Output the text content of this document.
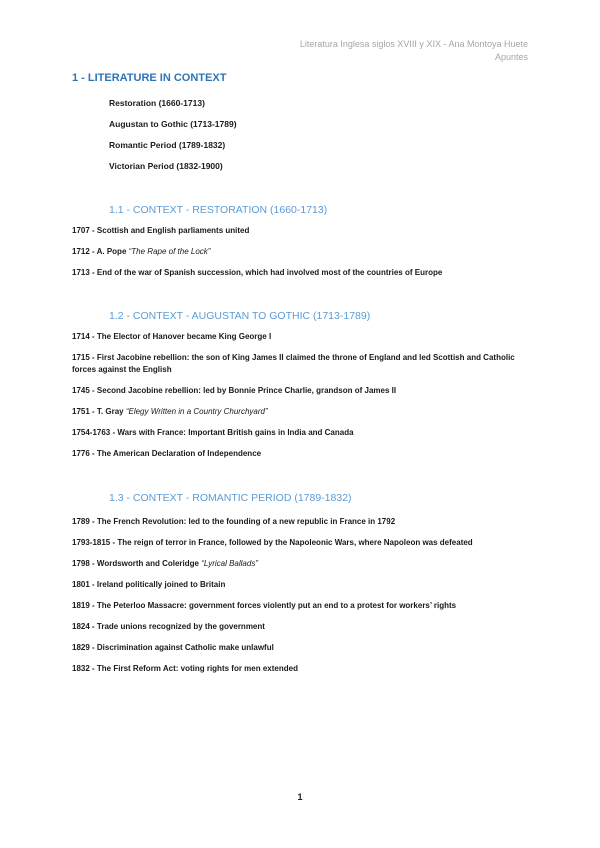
Literatura Inglesa siglos XVIII y XIX - Ana Montoya Huete
Apuntes
1 - LITERATURE IN CONTEXT
Restoration (1660-1713)
Augustan to Gothic (1713-1789)
Romantic Period (1789-1832)
Victorian Period (1832-1900)
1.1 - CONTEXT - RESTORATION (1660-1713)
1707 - Scottish and English parliaments united
1712 - A. Pope “The Rape of the Lock”
1713 - End of the war of Spanish succession, which had involved most of the countries of Europe
1.2 - CONTEXT - AUGUSTAN TO GOTHIC (1713-1789)
1714 - The Elector of Hanover became King George I
1715 - First Jacobine rebellion: the son of King James II claimed the throne of England and led Scottish and Catholic forces against the English
1745 - Second Jacobine rebellion: led by Bonnie Prince Charlie, grandson of James II
1751 - T. Gray “Elegy Written in a Country Churchyard”
1754-1763 - Wars with France: Important British gains in India and Canada
1776 - The American Declaration of Independence
1.3 - CONTEXT - ROMANTIC PERIOD (1789-1832)
1789 - The French Revolution: led to the founding of a new republic in France in 1792
1793-1815 - The reign of terror in France, followed by the Napoleonic Wars, where Napoleon was defeated
1798 - Wordsworth and Coleridge “Lyrical Ballads”
1801 - Ireland politically joined to Britain
1819 - The Peterloo Massacre: government forces violently put an end to a protest for workers’ rights
1824 - Trade unions recognized by the government
1829 - Discrimination against Catholic make unlawful
1832 - The First Reform Act: voting rights for men extended
1
